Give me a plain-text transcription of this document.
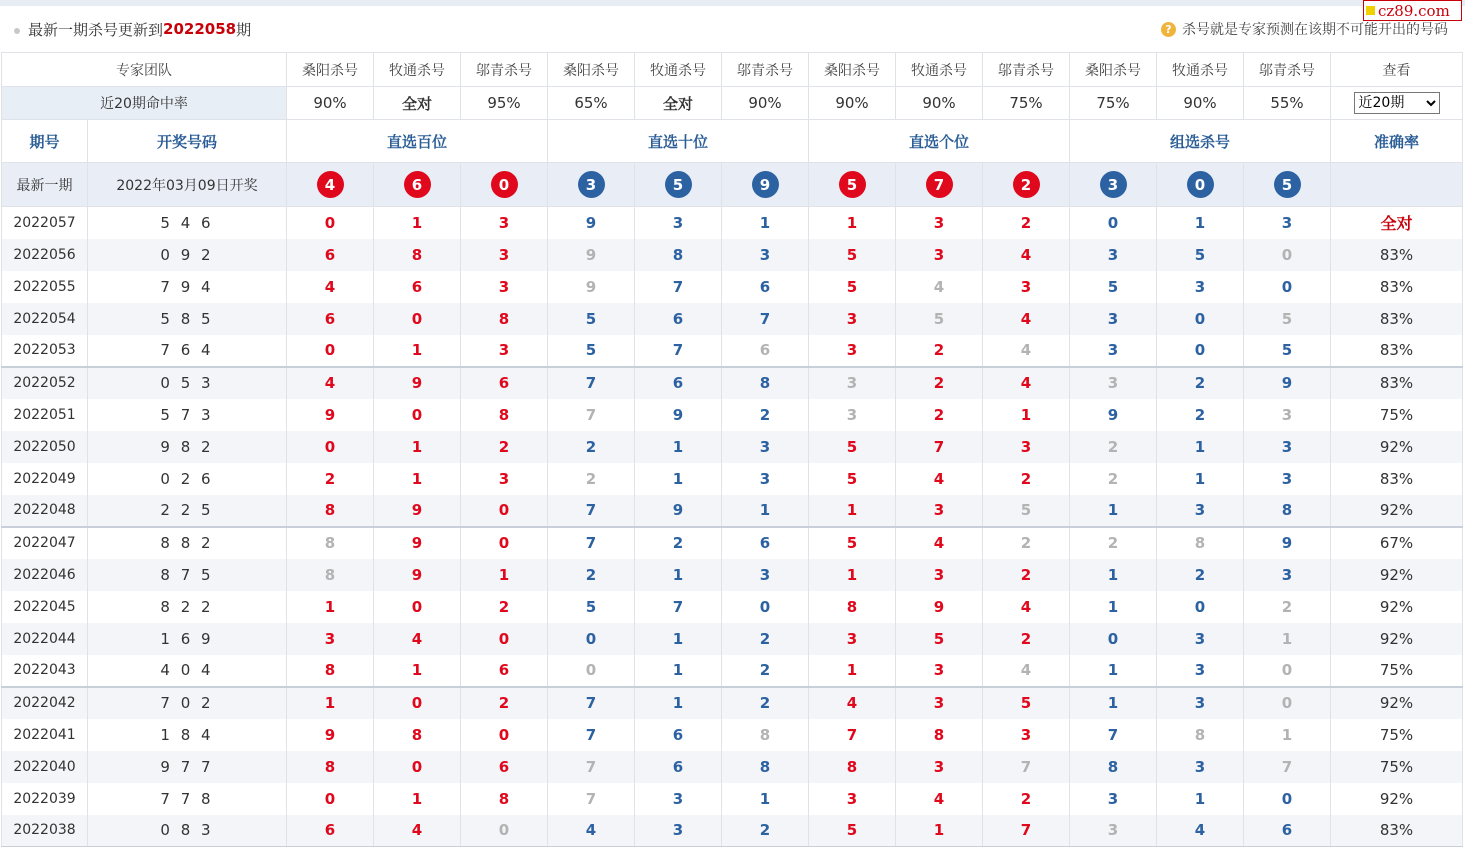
最新一期杀号更新到 2022058 期	? 杀号就是专家预测在该期不可能开出的号码
cz89.com
专家团队		桑阳杀号	牧通杀号	邬青杀号	桑阳杀号	牧通杀号	邬青杀号	桑阳杀号	牧通杀号	邬青杀号	桑阳杀号	牧通杀号	邬青杀号	查看
近20期命中率		90%	全对	95%	65%	全对	90%	90%	90%	75%	75%	90%	55%	
近20期
期号	开奖号码	直选百位			直选十位			直选个位			组选杀号			准确率
最新一期	2022年03月09日开奖	4	6	0	3	5	9	5	7	2	3	0	5	
2022057	5 4 6	0	1	3	9	3	1	1	3	2	0	1	3	全对
2022056	0 9 2	6	8	3	9	8	3	5	3	4	3	5	0	83%
2022055	7 9 4	4	6	3	9	7	6	5	4	3	5	3	0	83%
2022054	5 8 5	6	0	8	5	6	7	3	5	4	3	0	5	83%
2022053	7 6 4	0	1	3	5	7	6	3	2	4	3	0	5	83%
2022052	0 5 3	4	9	6	7	6	8	3	2	4	3	2	9	83%
2022051	5 7 3	9	0	8	7	9	2	3	2	1	9	2	3	75%
2022050	9 8 2	0	1	2	2	1	3	5	7	3	2	1	3	92%
2022049	0 2 6	2	1	3	2	1	3	5	4	2	2	1	3	83%
2022048	2 2 5	8	9	0	7	9	1	1	3	5	1	3	8	92%
2022047	8 8 2	8	9	0	7	2	6	5	4	2	2	8	9	67%
2022046	8 7 5	8	9	1	2	1	3	1	3	2	1	2	3	92%
2022045	8 2 2	1	0	2	5	7	0	8	9	4	1	0	2	92%
2022044	1 6 9	3	4	0	0	1	2	3	5	2	0	3	1	92%
2022043	4 0 4	8	1	6	0	1	2	1	3	4	1	3	0	75%
2022042	7 0 2	1	0	2	7	1	2	4	3	5	1	3	0	92%
2022041	1 8 4	9	8	0	7	6	8	7	8	3	7	8	1	75%
2022040	9 7 7	8	0	6	7	6	8	8	3	7	8	3	7	75%
2022039	7 7 8	0	1	8	7	3	1	3	4	2	3	1	0	92%
2022038	0 8 3	6	4	0	4	3	2	5	1	7	3	4	6	83%
